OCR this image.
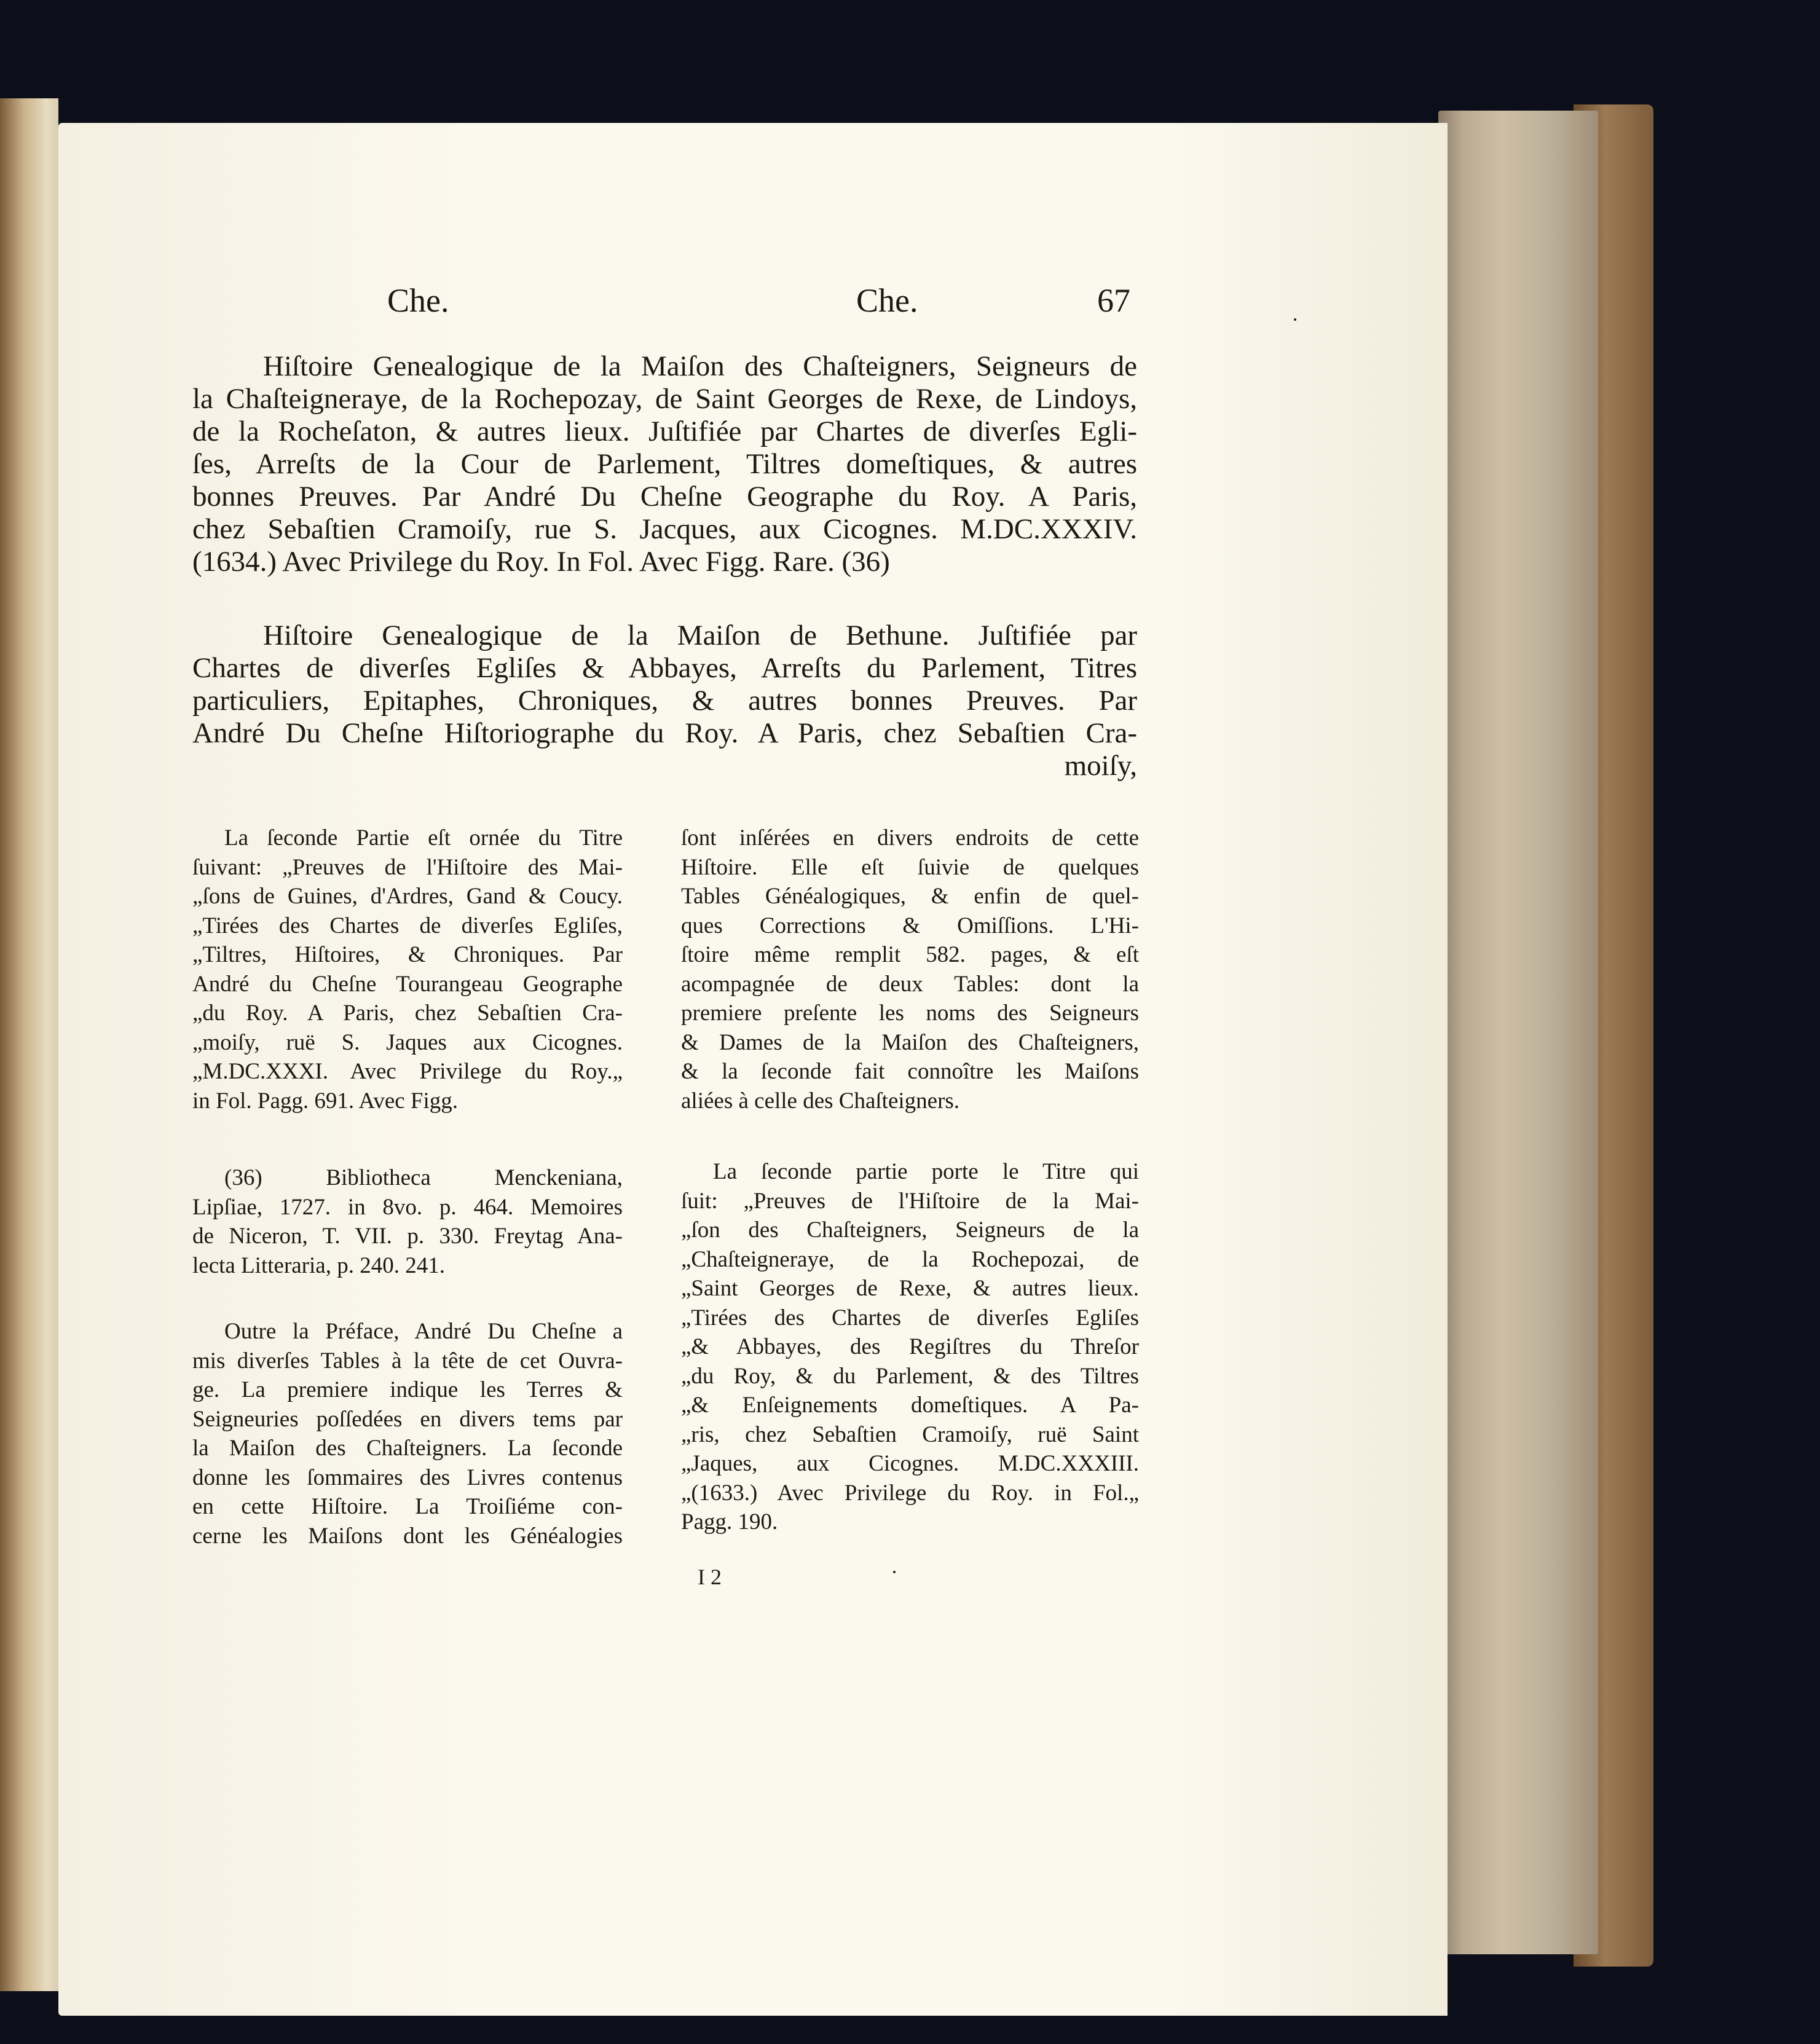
Che.	Che.	67
Hiſtoire Genealogique de la Maiſon des Chaſteigners, Seigneurs de
la Chaſteigneraye, de la Rochepozay, de Saint Georges de Rexe, de Lindoys,
de la Rocheſaton, & autres lieux. Juſtifiée par Chartes de diverſes Egli-
ſes, Arreſts de la Cour de Parlement, Tiltres domeſtiques, & autres
bonnes Preuves. Par André Du Cheſne Geographe du Roy. A Paris,
chez Sebaſtien Cramoiſy, rue S. Jacques, aux Cicognes. M.DC.XXXIV.
(1634.) Avec Privilege du Roy. In Fol. Avec Figg. Rare. (36)
Hiſtoire Genealogique de la Maiſon de Bethune. Juſtifiée par
Chartes de diverſes Egliſes & Abbayes, Arreſts du Parlement, Titres
particuliers, Epitaphes, Chroniques, & autres bonnes Preuves. Par
André Du Cheſne Hiſtoriographe du Roy. A Paris, chez Sebaſtien Cra-
moiſy,
La ſeconde Partie eſt ornée du Titre
ſuivant: „Preuves de l'Hiſtoire des Mai-
„ſons de Guines, d'Ardres, Gand & Coucy.
„Tirées des Chartes de diverſes Egliſes,
„Tiltres, Hiſtoires, & Chroniques. Par
André du Cheſne Tourangeau Geographe
„du Roy. A Paris, chez Sebaſtien Cra-
„moiſy, ruë S. Jaques aux Cicognes.
„M.DC.XXXI. Avec Privilege du Roy.„
in Fol. Pagg. 691. Avec Figg.
(36) Bibliotheca Menckeniana,
Lipſiae, 1727. in 8vo. p. 464. Memoires
de Niceron, T. VII. p. 330. Freytag Ana-
lecta Litteraria, p. 240. 241.
Outre la Préface, André Du Cheſne a
mis diverſes Tables à la tête de cet Ouvra-
ge. La premiere indique les Terres &
Seigneuries poſſedées en divers tems par
la Maiſon des Chaſteigners. La ſeconde
donne les ſommaires des Livres contenus
en cette Hiſtoire. La Troiſiéme con-
cerne les Maiſons dont les Généalogies
ſont inſérées en divers endroits de cette
Hiſtoire. Elle eſt ſuivie de quelques
Tables Généalogiques, & enfin de quel-
ques Corrections & Omiſſions. L'Hi-
ſtoire même remplit 582. pages, & eſt
acompagnée de deux Tables: dont la
premiere preſente les noms des Seigneurs
& Dames de la Maiſon des Chaſteigners,
& la ſeconde fait connoître les Maiſons
aliées à celle des Chaſteigners.
La ſeconde partie porte le Titre qui
ſuit: „Preuves de l'Hiſtoire de la Mai-
„ſon des Chaſteigners, Seigneurs de la
„Chaſteigneraye, de la Rochepozai, de
„Saint Georges de Rexe, & autres lieux.
„Tirées des Chartes de diverſes Egliſes
„& Abbayes, des Regiſtres du Threſor
„du Roy, & du Parlement, & des Tiltres
„& Enſeignements domeſtiques. A Pa-
„ris, chez Sebaſtien Cramoiſy, ruë Saint
„Jaques, aux Cicognes. M.DC.XXXIII.
„(1633.) Avec Privilege du Roy. in Fol.„
Pagg. 190.
I 2
